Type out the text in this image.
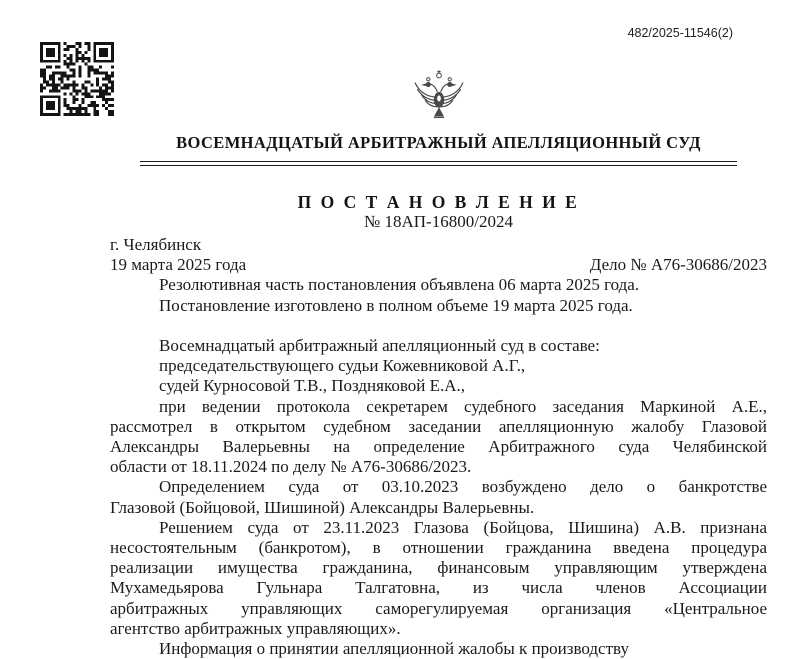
482/2025-11546(2)
ВОСЕМНАДЦАТЫЙ АРБИТРАЖНЫЙ АПЕЛЛЯЦИОННЫЙ СУД
П О С Т А Н О В Л Е Н И Е
№ 18АП-16800/2024
г. Челябинск
19 марта 2025 года	Дело № А76-30686/2023
Резолютивная часть постановления объявлена 06 марта 2025 года.
Постановление изготовлено в полном объеме 19 марта 2025 года.
Восемнадцатый арбитражный апелляционный суд в составе:
председательствующего судьи Кожевниковой А.Г.,
судей Курносовой Т.В., Поздняковой Е.А.,
при ведении протокола секретарем судебного заседания Маркиной А.Е.,
рассмотрел в открытом судебном заседании апелляционную жалобу Глазовой
Александры Валерьевны на определение Арбитражного суда Челябинской
области от 18.11.2024 по делу № А76-30686/2023.
Определением суда от 03.10.2023 возбуждено дело о банкротстве
Глазовой (Бойцовой, Шишиной) Александры Валерьевны.
Решением суда от 23.11.2023 Глазова (Бойцова, Шишина) А.В. признана
несостоятельным (банкротом), в отношении гражданина введена процедура
реализации имущества гражданина, финансовым управляющим утверждена
Мухамедьярова Гульнара Талгатовна, из числа членов Ассоциации
арбитражных управляющих саморегулируемая организация «Центральное
агентство арбитражных управляющих».
Информация о принятии апелляционной жалобы к производству
